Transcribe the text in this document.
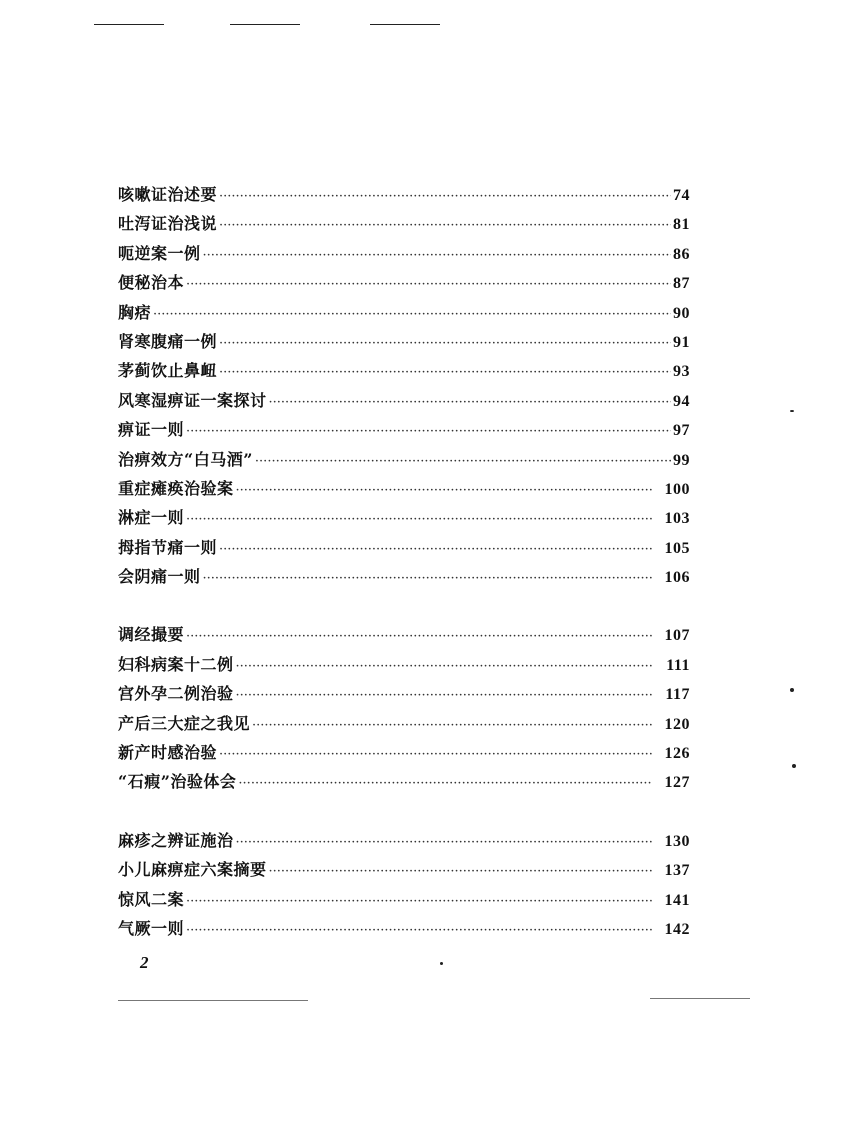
咳嗽证治述要 ·····	74
吐泻证治浅说 ·····	81
呃逆案一例 ·····	86
便秘治本 ·····	87
胸痞 ·····	90
肾寒腹痛一例 ·····	91
茅蓟饮止鼻衄 ·····	93
风寒湿痹证一案探讨 ·····	94
痹证一则 ·····	97
治痹效方“白马酒” ·····	99
重症瘫痪治验案 ·····	100
淋症一则 ·····	103
拇指节痛一则 ·····	105
会阴痛一则 ·····	106
调经撮要 ·····	107
妇科病案十二例 ·····	111
宫外孕二例治验 ·····	117
产后三大症之我见 ·····	120
新产时感治验 ·····	126
“石瘕”治验体会 ·····	127
麻疹之辨证施治 ·····	130
小儿麻痹症六案摘要 ·····	137
惊风二案 ·····	141
气厥一则 ·····	142
2
